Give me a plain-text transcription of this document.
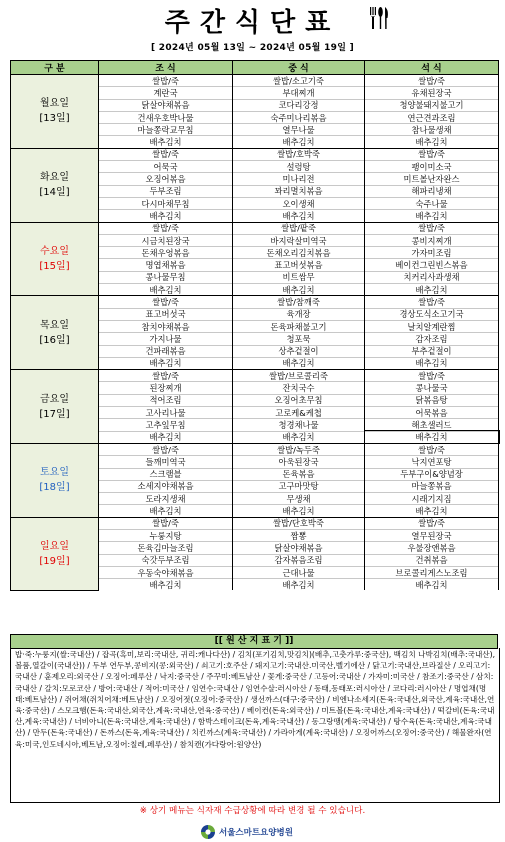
주간식단표
[ 2024년 05월 13일 ~ 2024년 05월 19일 ]
구 분	조 식	중 식	석 식

월요일
[13일]	쌀밥/죽	쌀밥/소고기죽	쌀밥/죽
	계란국	부대찌개	유채된장국
	닭살야채볶음	코다리강정	청양불돼지불고기
	건새우호박나물	숙주미나리볶음	연근견과조림
	마늘쫑락교무침	열무나물	참나물생채
	배추김치	배추김치	배추김치

화요일
[14일]	쌀밥/죽	쌀밥/호박죽	쌀밥/죽
	어묵국	설렁탕	팽이미소국
	오징어볶음	미나리전	미트볼난자완스
	두부조림	꽈리멸치볶음	해파리냉채
	다시마채무침	오이생채	숙주나물
	배추김치	배추김치	배추김치

수요일
[15일]	쌀밥/죽	쌀밥/팥죽	쌀밥/죽
	시금치된장국	바지락살미역국	콩비지찌개
	돈채우엉볶음	돈채오리김치볶음	가자미조림
	명엽채볶음	표고버섯볶음	베이컨그린빈스볶음
	콩나물무침	비트쌈무	치커리사과생채
	배추김치	배추김치	배추김치

목요일
[16일]	쌀밥/죽	쌀밥/참깨죽	쌀밥/죽
	표고버섯국	육개장	경상도식소고기국
	참치야채볶음	돈육파채불고기	날치알계란찜
	가지나물	청포묵	감자조림
	건파래볶음	상추겉절이	부추겉절이
	배추김치	배추김치	배추김치

금요일
[17일]	쌀밥/죽	쌀밥/브로콜리죽	쌀밥/죽
	된장찌개	잔치국수	콩나물국
	적어조림	오징어초무침	닭볶음탕
	고사리나물	고로케&케첩	어묵볶음
	고추잎무침	청경채나물	해초샐러드
	배추김치	배추김치	배추김치

토요일
[18일]	쌀밥/죽	쌀밥/녹두죽	쌀밥/죽
	들깨미역국	아욱된장국	낙지연포탕
	스크램블	돈육볶음	두부구이&양념장
	소세지야채볶음	고구마맛탕	마늘쫑볶음
	도라지생채	무생채	시래기지짐
	배추김치	배추김치	배추김치

일요일
[19일]	쌀밥/죽	쌀밥/단호박죽	쌀밥/죽
	누룽지탕	짬뽕	열무된장국
	돈육김마늘조림	닭살야채볶음	우불장앤볶음
	숙갓두부조림	감자볶음조림	건취볶음
	우동숙야채볶음	근대나물	브로콜리게스노조림
	배추김치	배추김치	배추김치
[[ 원 산 지 표 기 ]]
밥·죽:누룽지(쌀:국내산) / 잡곡(흑미,보리:국내산, 귀리:캐나다산) / 김치(포기김치,맛김치)(배추,고춧가루:중국산), 백김치 나박김치(배추:국내산), 볼품,열갈이(국내산)) / 두부 연두부,콩비지(콩:외국산) / 쇠고기:호주산 / 돼지고기:국내산.미국산,벨기에산 / 닭고기:국내산,브라질산 / 오리고기:국내산 / 훈제오리:외국산 / 오징어:페루산 / 낙지:중국산 / 주꾸미:베트남산 / 꽃게:중국산 / 고등어:국내산 / 가자미:미국산 / 참조기:중국산 / 삼치:국내산 / 갈치:모로코산 / 방어:국내산 / 적어:미국산 / 임연수:국내산 / 임연수살:러시아산 / 동태,동태포:러시아산 / 코다리:러시아산 / 명엽채(명태:베트남산) / 쥐어채(쥐치어채:베트남산) / 오징어젓(오징어:중국산) / 생선까스(대구:중국산) / 비엔나소세지(돈육:국내산,외국산,계육:국내산,연육:중국산) / 스모크햄(돈육:국내산,외국산,계육:국내산,연육:중국산) / 베이컨(돈육:외국산) / 미트볼(돈육:국내산,계육:국내산) / 떡갈비(돈육:국내산,계육:국내산) / 너비아니(돈육:국내산,계육:국내산) / 함박스테이크(돈육,계육:국내산) / 동그랑땡(계육:국내산) / 탕수육(돈육:국내산,계육:국내산) / 만두(돈육:국내산) / 돈까스(돈육,계육:국내산) / 치킨까스(계육:국내산) / 가라아게(계육:국내산) / 오징어까스(오징어:중국산) / 해물완자(연육:미국,인도네시아,베트남,오징어:칠레,페루산) / 참치캔(가다랑어:원양산)
※ 상기 메뉴는 식자재 수급상황에 따라 변경 될 수 있습니다.
서울스마트요양병원
